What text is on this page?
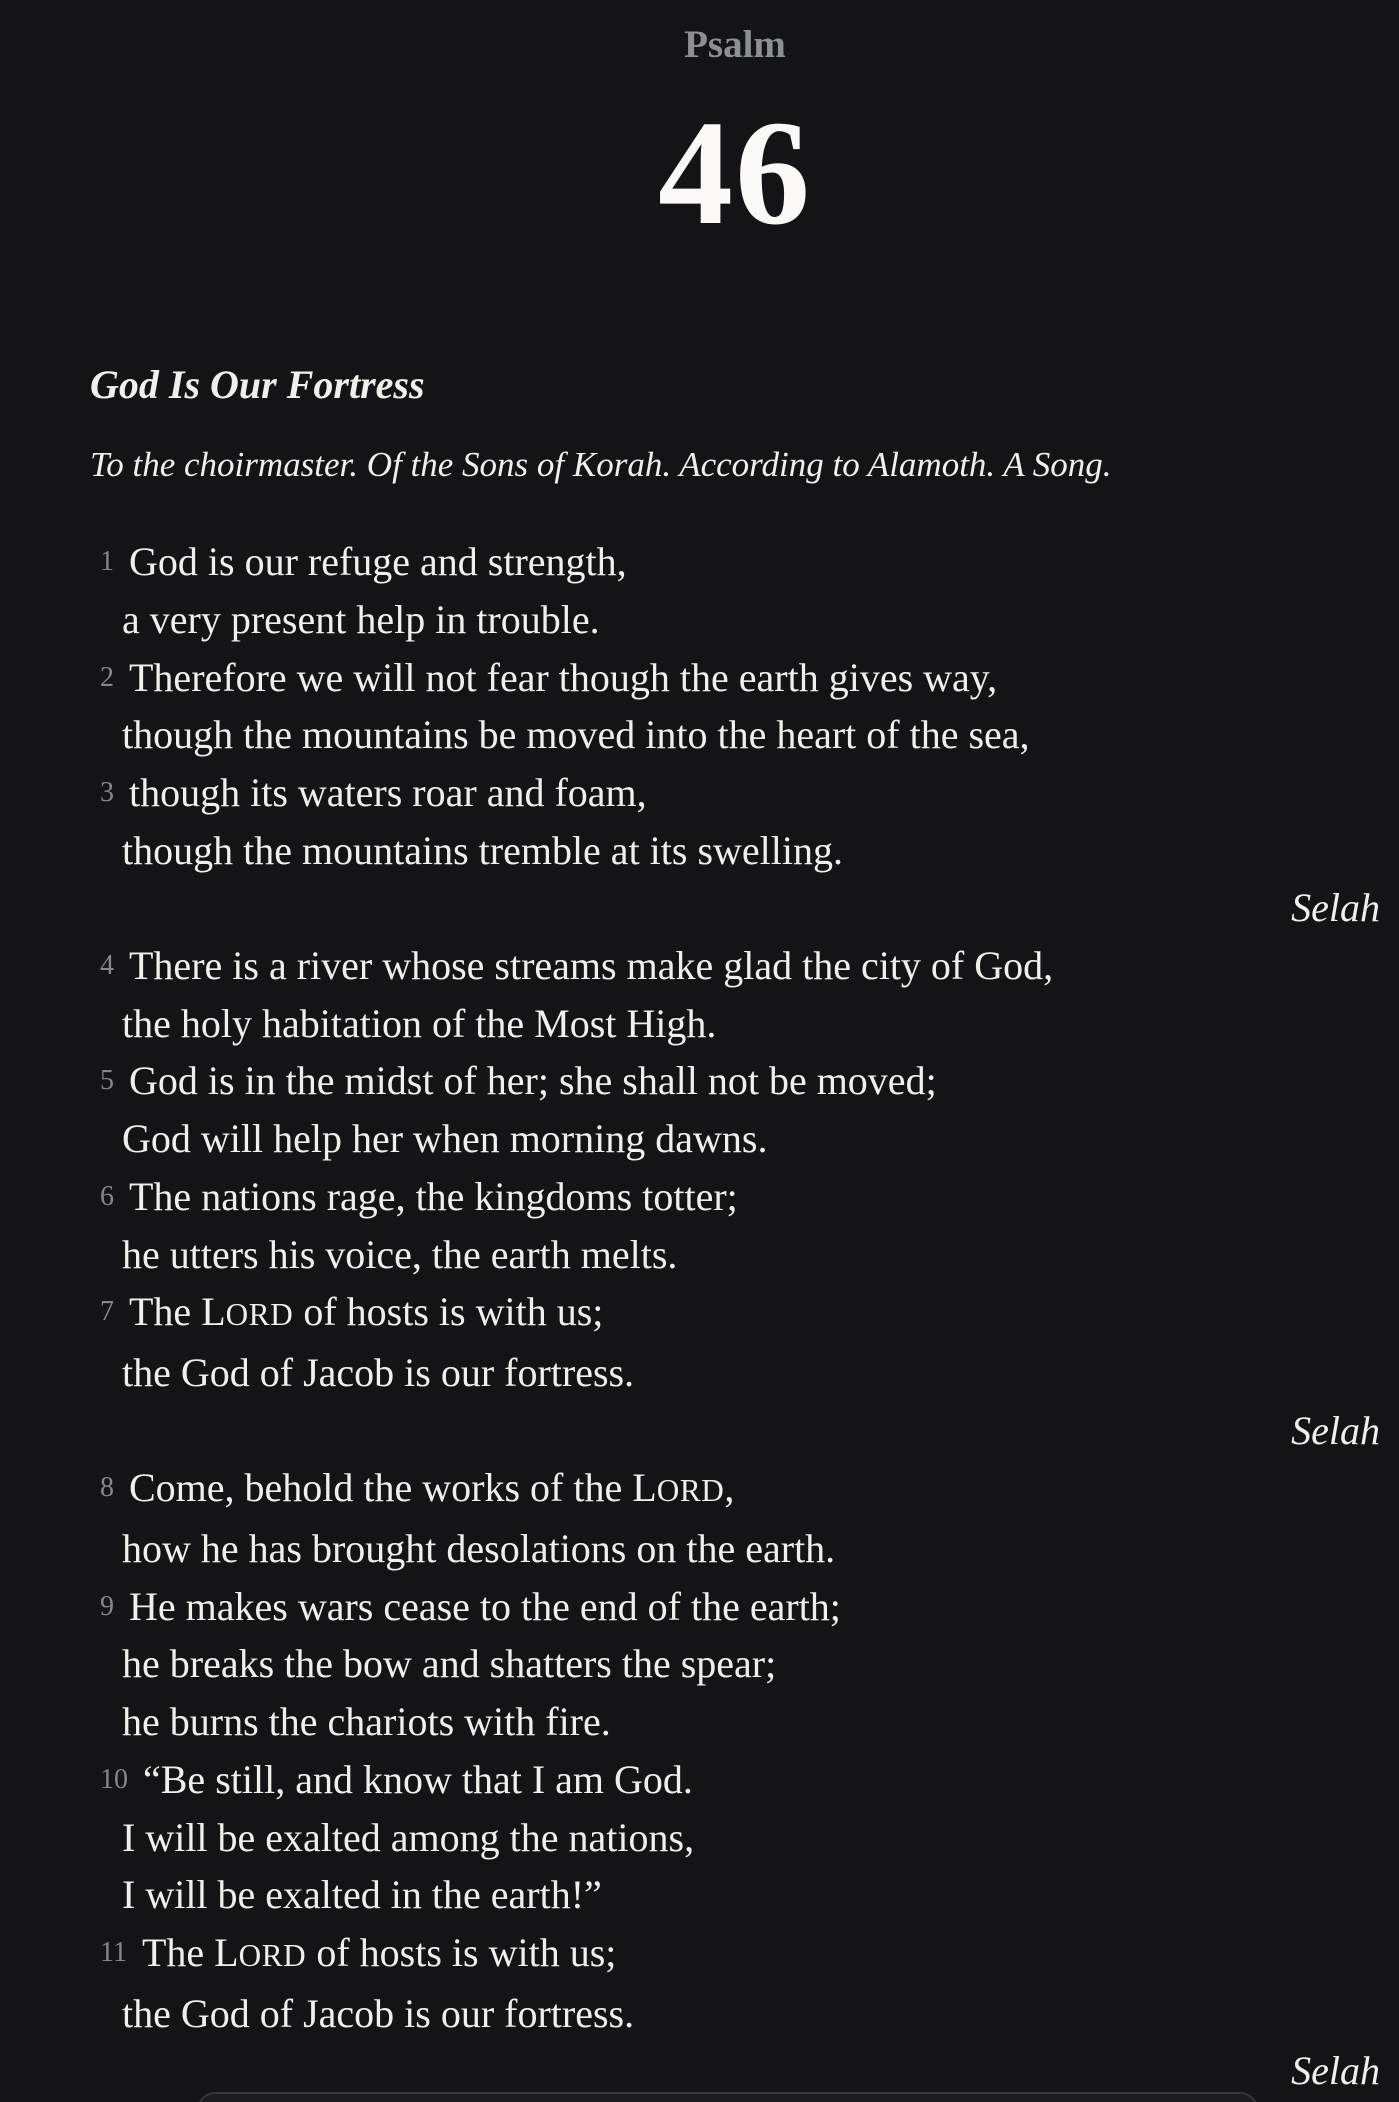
Psalm
46
God Is Our Fortress

To the choirmaster. Of the Sons of Korah. According to Alamoth. A Song.

1 God is our refuge and strength,
a very present help in trouble.
2 Therefore we will not fear though the earth gives way,
though the mountains be moved into the heart of the sea,
3 though its waters roar and foam,
though the mountains tremble at its swelling.
Selah
4 There is a river whose streams make glad the city of God,
the holy habitation of the Most High.
5 God is in the midst of her; she shall not be moved;
God will help her when morning dawns.
6 The nations rage, the kingdoms totter;
he utters his voice, the earth melts.
7 The LORD of hosts is with us;
the God of Jacob is our fortress.
Selah
8 Come, behold the works of the LORD,
how he has brought desolations on the earth.
9 He makes wars cease to the end of the earth;
he breaks the bow and shatters the spear;
he burns the chariots with fire.
10 “Be still, and know that I am God.
I will be exalted among the nations,
I will be exalted in the earth!”
11 The LORD of hosts is with us;
the God of Jacob is our fortress.
Selah
